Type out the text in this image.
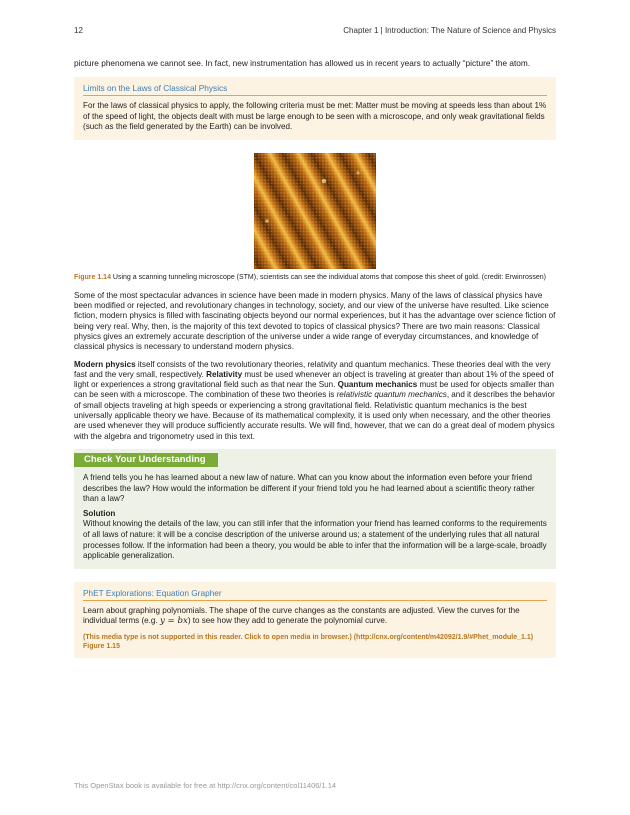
12	Chapter 1 | Introduction: The Nature of Science and Physics

picture phenomena we cannot see. In fact, new instrumentation has allowed us in recent years to actually “picture” the atom.

Limits on the Laws of Classical Physics

For the laws of classical physics to apply, the following criteria must be met: Matter must be moving at speeds less than about 1% of the speed of light, the objects dealt with must be large enough to be seen with a microscope, and only weak gravitational fields (such as the field generated by the Earth) can be involved.

Figure 1.14 Using a scanning tunneling microscope (STM), scientists can see the individual atoms that compose this sheet of gold. (credit: Erwinrossen)

Some of the most spectacular advances in science have been made in modern physics. Many of the laws of classical physics have been modified or rejected, and revolutionary changes in technology, society, and our view of the universe have resulted. Like science fiction, modern physics is filled with fascinating objects beyond our normal experiences, but it has the advantage over science fiction of being very real. Why, then, is the majority of this text devoted to topics of classical physics? There are two main reasons: Classical physics gives an extremely accurate description of the universe under a wide range of everyday circumstances, and knowledge of classical physics is necessary to understand modern physics.

Modern physics itself consists of the two revolutionary theories, relativity and quantum mechanics. These theories deal with the very fast and the very small, respectively. Relativity must be used whenever an object is traveling at greater than about 1% of the speed of light or experiences a strong gravitational field such as that near the Sun. Quantum mechanics must be used for objects smaller than can be seen with a microscope. The combination of these two theories is relativistic quantum mechanics, and it describes the behavior of small objects traveling at high speeds or experiencing a strong gravitational field. Relativistic quantum mechanics is the best universally applicable theory we have. Because of its mathematical complexity, it is used only when necessary, and the other theories are used whenever they will produce sufficiently accurate results. We will find, however, that we can do a great deal of modern physics with the algebra and trigonometry used in this text.

Check Your Understanding

A friend tells you he has learned about a new law of nature. What can you know about the information even before your friend describes the law? How would the information be different if your friend told you he had learned about a scientific theory rather than a law?

Solution

Without knowing the details of the law, you can still infer that the information your friend has learned conforms to the requirements of all laws of nature: it will be a concise description of the universe around us; a statement of the underlying rules that all natural processes follow. If the information had been a theory, you would be able to infer that the information will be a large-scale, broadly applicable generalization.

PhET Explorations: Equation Grapher

Learn about graphing polynomials. The shape of the curve changes as the constants are adjusted. View the curves for the individual terms (e.g. y = bx) to see how they add to generate the polynomial curve.

(This media type is not supported in this reader. Click to open media in browser.) (http://cnx.org/content/m42092/1.9/#Phet_module_1.1)

Figure 1.15

This OpenStax book is available for free at http://cnx.org/content/col11406/1.14
